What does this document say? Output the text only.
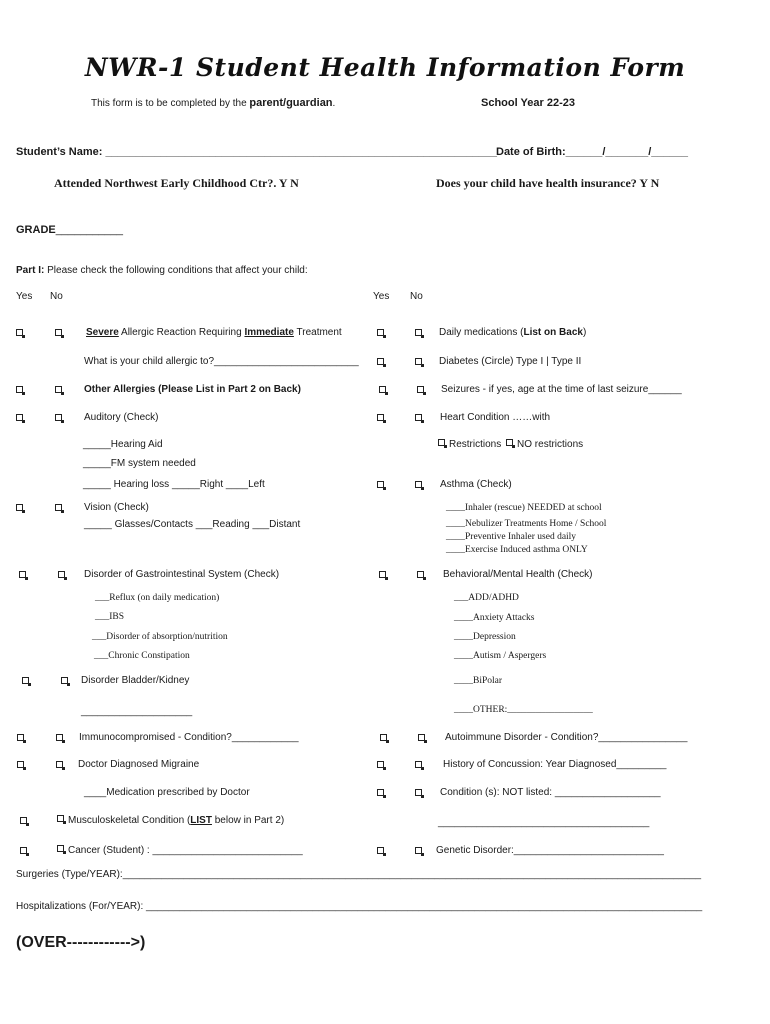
NWR-1 Student Health Information Form
This form is to be completed by the parent/guardian.	School Year 22-23
Student’s Name: ________________________________________________________________ Date of Birth:______/_______/______
Attended Northwest Early Childhood Ctr?. Y N	Does your child have health insurance? Y N
GRADE___________
Part I: Please check the following conditions that affect your child:
Yes No	Yes No
Severe Allergic Reaction Requiring Immediate Treatment
What is your child allergic to?__________________________
Other Allergies (Please List in Part 2 on Back)
Auditory (Check)
_____Hearing Aid
_____FM system needed
_____ Hearing loss _____Right ____Left
Vision (Check)
_____ Glasses/Contacts ___Reading ___Distant
Disorder of Gastrointestinal System (Check)
___Reflux (on daily medication)
___IBS
___Disorder of absorption/nutrition
___Chronic Constipation
Disorder Bladder/Kidney
____________________
Immunocompromised - Condition?____________
Doctor Diagnosed Migraine
____Medication prescribed by Doctor
Musculoskeletal Condition (LIST below in Part 2)
Cancer (Student) : ___________________________
Daily medications (List on Back)
Diabetes (Circle) Type I | Type II
Seizures - if yes, age at the time of last seizure______
Heart Condition ……with
Restrictions NO restrictions
Asthma (Check)
____Inhaler (rescue) NEEDED at school
____Nebulizer Treatments Home / School
____Preventive Inhaler used daily
____Exercise Induced asthma ONLY
Behavioral/Mental Health (Check)
___ADD/ADHD
____Anxiety Attacks
____Depression
____Autism / Aspergers
____BiPolar
____OTHER:__________________
Autoimmune Disorder - Condition?________________
History of Concussion: Year Diagnosed_________
Condition (s): NOT listed: ___________________
______________________________________
Genetic Disorder:___________________________
Surgeries (Type/YEAR):________________________________________________________________________________________________________
Hospitalizations (For/YEAR): ____________________________________________________________________________________________________
(OVER------------>)
